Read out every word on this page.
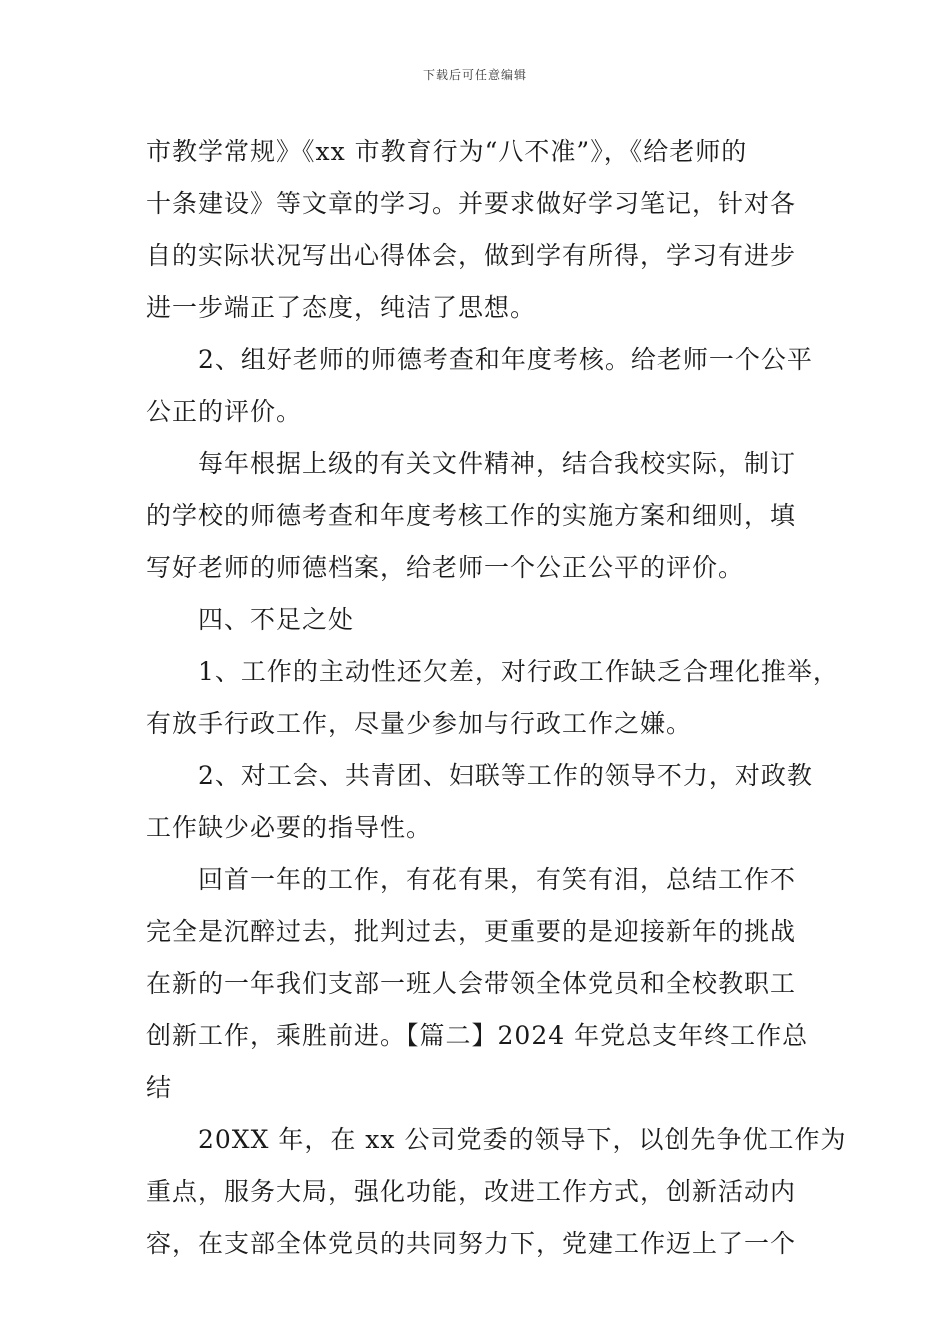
下载后可任意编辑
市教学常规》《xx 市教育行为“八不准”》，《给老师的
十条建设》等文章的学习。并要求做好学习笔记，针对各
自的实际状况写出心得体会，做到学有所得，学习有进步
进一步端正了态度，纯洁了思想。
2、组好老师的师德考查和年度考核。给老师一个公平
公正的评价。
每年根据上级的有关文件精神，结合我校实际，制订
的学校的师德考查和年度考核工作的实施方案和细则，填
写好老师的师德档案，给老师一个公正公平的评价。
四、不足之处
1、工作的主动性还欠差，对行政工作缺乏合理化推举，
有放手行政工作，尽量少参加与行政工作之嫌。
2、对工会、共青团、妇联等工作的领导不力，对政教
工作缺少必要的指导性。
回首一年的工作，有花有果，有笑有泪，总结工作不
完全是沉醉过去，批判过去，更重要的是迎接新年的挑战
在新的一年我们支部一班人会带领全体党员和全校教职工
创新工作，乘胜前进。【篇二】2024 年党总支年终工作总
结
20XX 年，在 xx 公司党委的领导下，以创先争优工作为
重点，服务大局，强化功能，改进工作方式，创新活动内
容，在支部全体党员的共同努力下，党建工作迈上了一个
